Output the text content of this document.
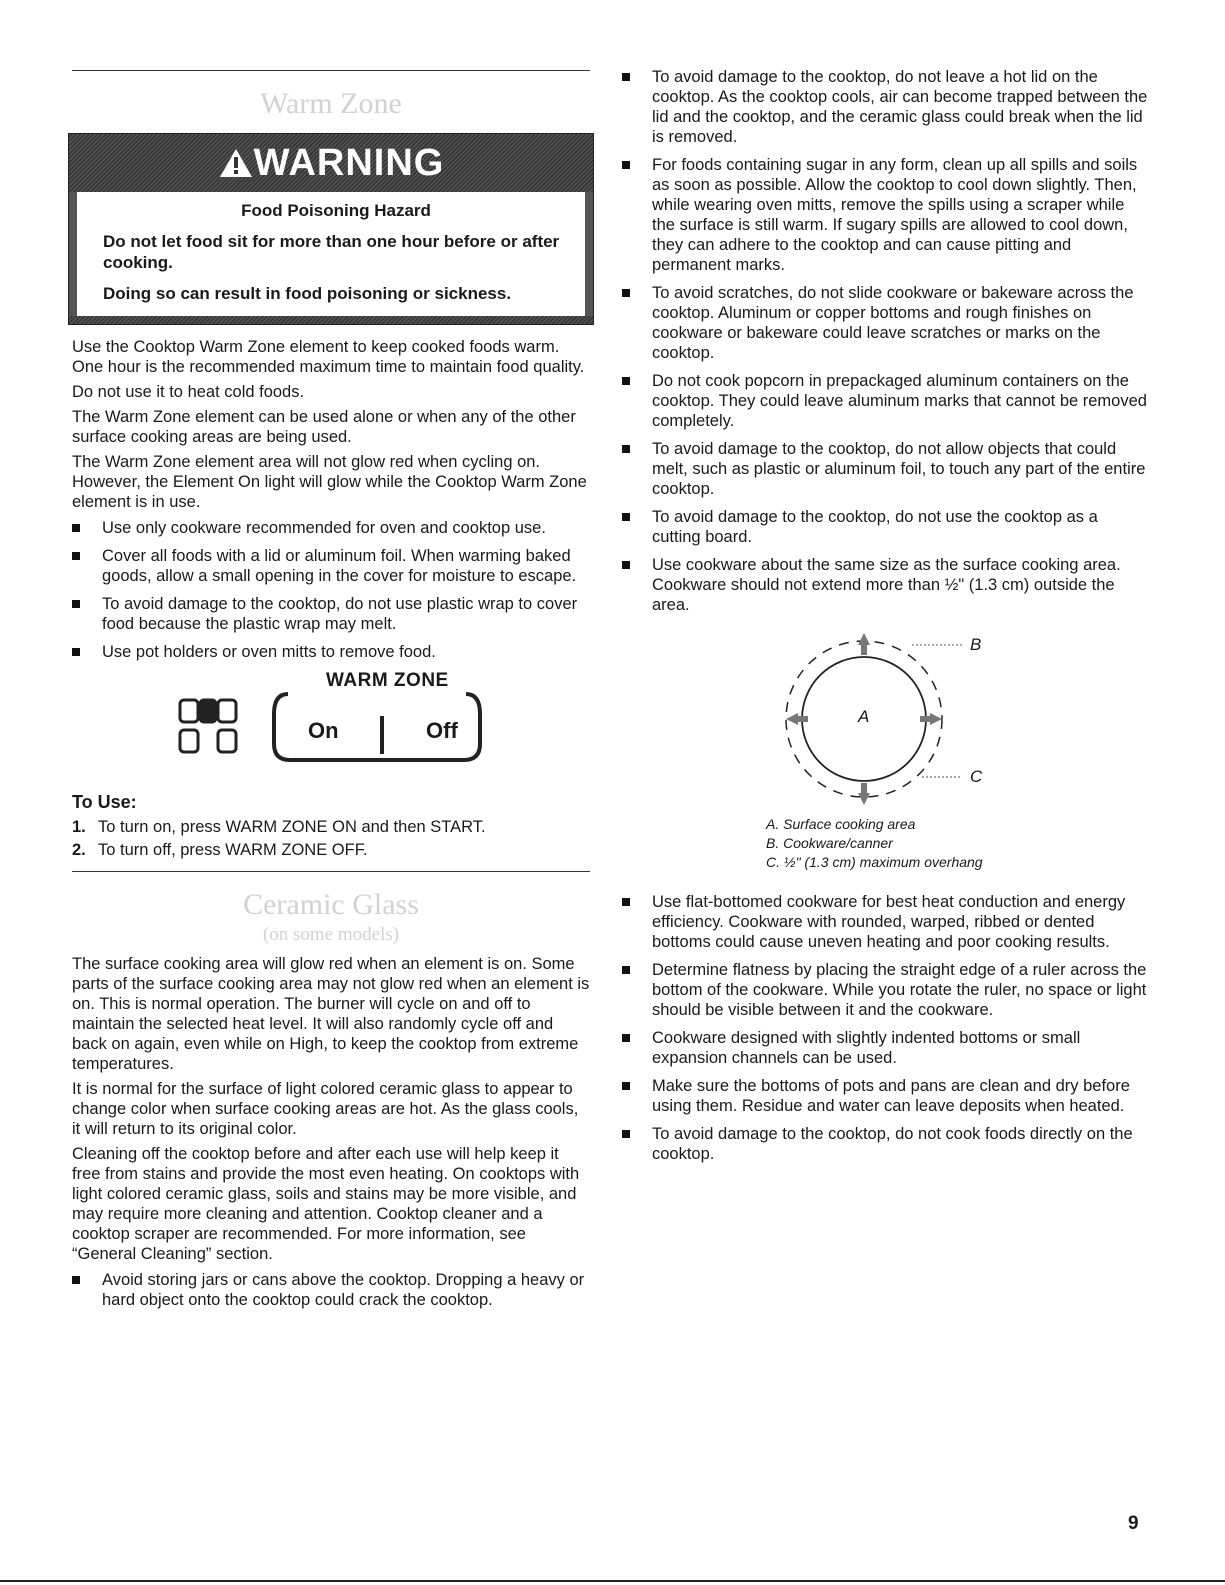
Warm Zone
WARNING

Food Poisoning Hazard

Do not let food sit for more than one hour before or after cooking.

Doing so can result in food poisoning or sickness.

Use the Cooktop Warm Zone element to keep cooked foods warm. One hour is the recommended maximum time to maintain food quality.

Do not use it to heat cold foods.

The Warm Zone element can be used alone or when any of the other surface cooking areas are being used.

The Warm Zone element area will not glow red when cycling on. However, the Element On light will glow while the Cooktop Warm Zone element is in use.

Use only cookware recommended for oven and cooktop use.
Cover all foods with a lid or aluminum foil. When warming baked goods, allow a small opening in the cover for moisture to escape.
To avoid damage to the cooktop, do not use plastic wrap to cover food because the plastic wrap may melt.
Use pot holders or oven mitts to remove food.
WARM ZONE
On	Off
To Use:
1. To turn on, press WARM ZONE ON and then START.
2. To turn off, press WARM ZONE OFF.
Ceramic Glass
(on some models)

The surface cooking area will glow red when an element is on. Some parts of the surface cooking area may not glow red when an element is on. This is normal operation. The burner will cycle on and off to maintain the selected heat level. It will also randomly cycle off and back on again, even while on High, to keep the cooktop from extreme temperatures.

It is normal for the surface of light colored ceramic glass to appear to change color when surface cooking areas are hot. As the glass cools, it will return to its original color.

Cleaning off the cooktop before and after each use will help keep it free from stains and provide the most even heating. On cooktops with light colored ceramic glass, soils and stains may be more visible, and may require more cleaning and attention. Cooktop cleaner and a cooktop scraper are recommended. For more information, see “General Cleaning” section.

Avoid storing jars or cans above the cooktop. Dropping a heavy or hard object onto the cooktop could crack the cooktop.
To avoid damage to the cooktop, do not leave a hot lid on the cooktop. As the cooktop cools, air can become trapped between the lid and the cooktop, and the ceramic glass could break when the lid is removed.
For foods containing sugar in any form, clean up all spills and soils as soon as possible. Allow the cooktop to cool down slightly. Then, while wearing oven mitts, remove the spills using a scraper while the surface is still warm. If sugary spills are allowed to cool down, they can adhere to the cooktop and can cause pitting and permanent marks.
To avoid scratches, do not slide cookware or bakeware across the cooktop. Aluminum or copper bottoms and rough finishes on cookware or bakeware could leave scratches or marks on the cooktop.
Do not cook popcorn in prepackaged aluminum containers on the cooktop. They could leave aluminum marks that cannot be removed completely.
To avoid damage to the cooktop, do not allow objects that could melt, such as plastic or aluminum foil, to touch any part of the entire cooktop.
To avoid damage to the cooktop, do not use the cooktop as a cutting board.
Use cookware about the same size as the surface cooking area. Cookware should not extend more than ½" (1.3 cm) outside the area.
A
B
C
A. Surface cooking area
B. Cookware/canner
C. ½" (1.3 cm) maximum overhang
Use flat-bottomed cookware for best heat conduction and energy efficiency. Cookware with rounded, warped, ribbed or dented bottoms could cause uneven heating and poor cooking results.
Determine flatness by placing the straight edge of a ruler across the bottom of the cookware. While you rotate the ruler, no space or light should be visible between it and the cookware.
Cookware designed with slightly indented bottoms or small expansion channels can be used.
Make sure the bottoms of pots and pans are clean and dry before using them. Residue and water can leave deposits when heated.
To avoid damage to the cooktop, do not cook foods directly on the cooktop.
9
